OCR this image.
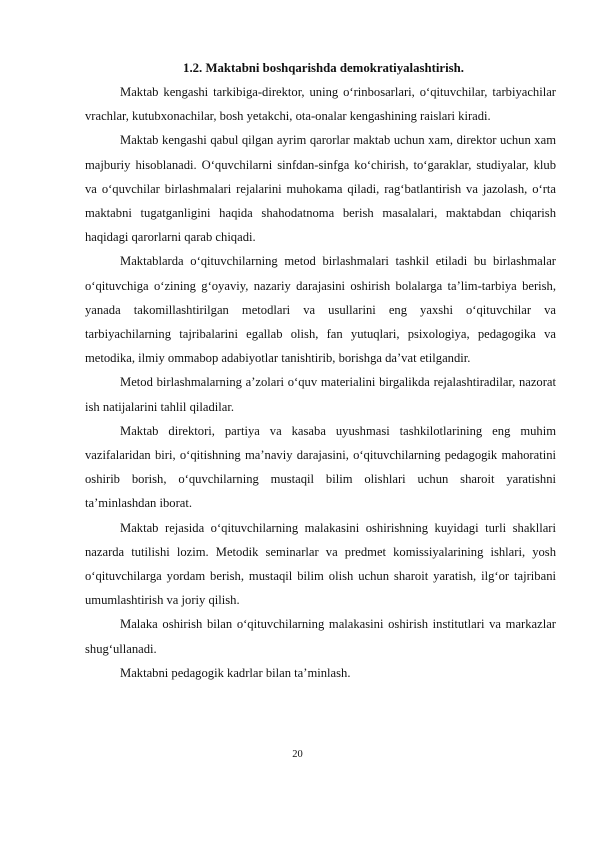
1.2. Maktabni boshqarishda demokratiyalashtirish.

Maktab kengashi tarkibiga-direktor, uning o‘rinbosarlari, o‘qituvchilar, tarbiyachilar vrachlar, kutubxonachilar, bosh yetakchi, ota-onalar kengashining raislari kiradi.

Maktab kengashi qabul qilgan ayrim qarorlar maktab uchun xam, direktor uchun xam majburiy hisoblanadi. O‘quvchilarni sinfdan-sinfga ko‘chirish, to‘garaklar, studiyalar, klub va o‘quvchilar birlashmalari rejalarini muhokama qiladi, rag‘batlantirish va jazolash, o‘rta maktabni tugatganligini haqida shahodatnoma berish masalalari, maktabdan chiqarish haqidagi qarorlarni qarab chiqadi.

Maktablarda o‘qituvchilarning metod birlashmalari tashkil etiladi bu birlashmalar o‘qituvchiga o‘zining g‘oyaviy, nazariy darajasini oshirish bolalarga ta’lim-tarbiya berish, yanada takomillashtirilgan metodlari va usullarini eng yaxshi o‘qituvchilar va tarbiyachilarning tajribalarini egallab olish, fan yutuqlari, psixologiya, pedagogika va metodika, ilmiy ommabop adabiyotlar tanishtirib, borishga da’vat etilgandir.

Metod birlashmalarning a’zolari o‘quv materialini birgalikda rejalashtiradilar, nazorat ish natijalarini tahlil qiladilar.

Maktab direktori, partiya va kasaba uyushmasi tashkilotlarining eng muhim vazifalaridan biri, o‘qitishning ma’naviy darajasini, o‘qituvchilarning pedagogik mahoratini oshirib borish, o‘quvchilarning mustaqil bilim olishlari uchun sharoit yaratishni ta’minlashdan iborat.

Maktab rejasida o‘qituvchilarning malakasini oshirishning kuyidagi turli shakllari nazarda tutilishi lozim. Metodik seminarlar va predmet komissiyalarining ishlari, yosh o‘qituvchilarga yordam berish, mustaqil bilim olish uchun sharoit yaratish, ilg‘or tajribani umumlashtirish va joriy qilish.

Malaka oshirish bilan o‘qituvchilarning malakasini oshirish institutlari va markazlar shug‘ullanadi.

Maktabni pedagogik kadrlar bilan ta’minlash.

20
